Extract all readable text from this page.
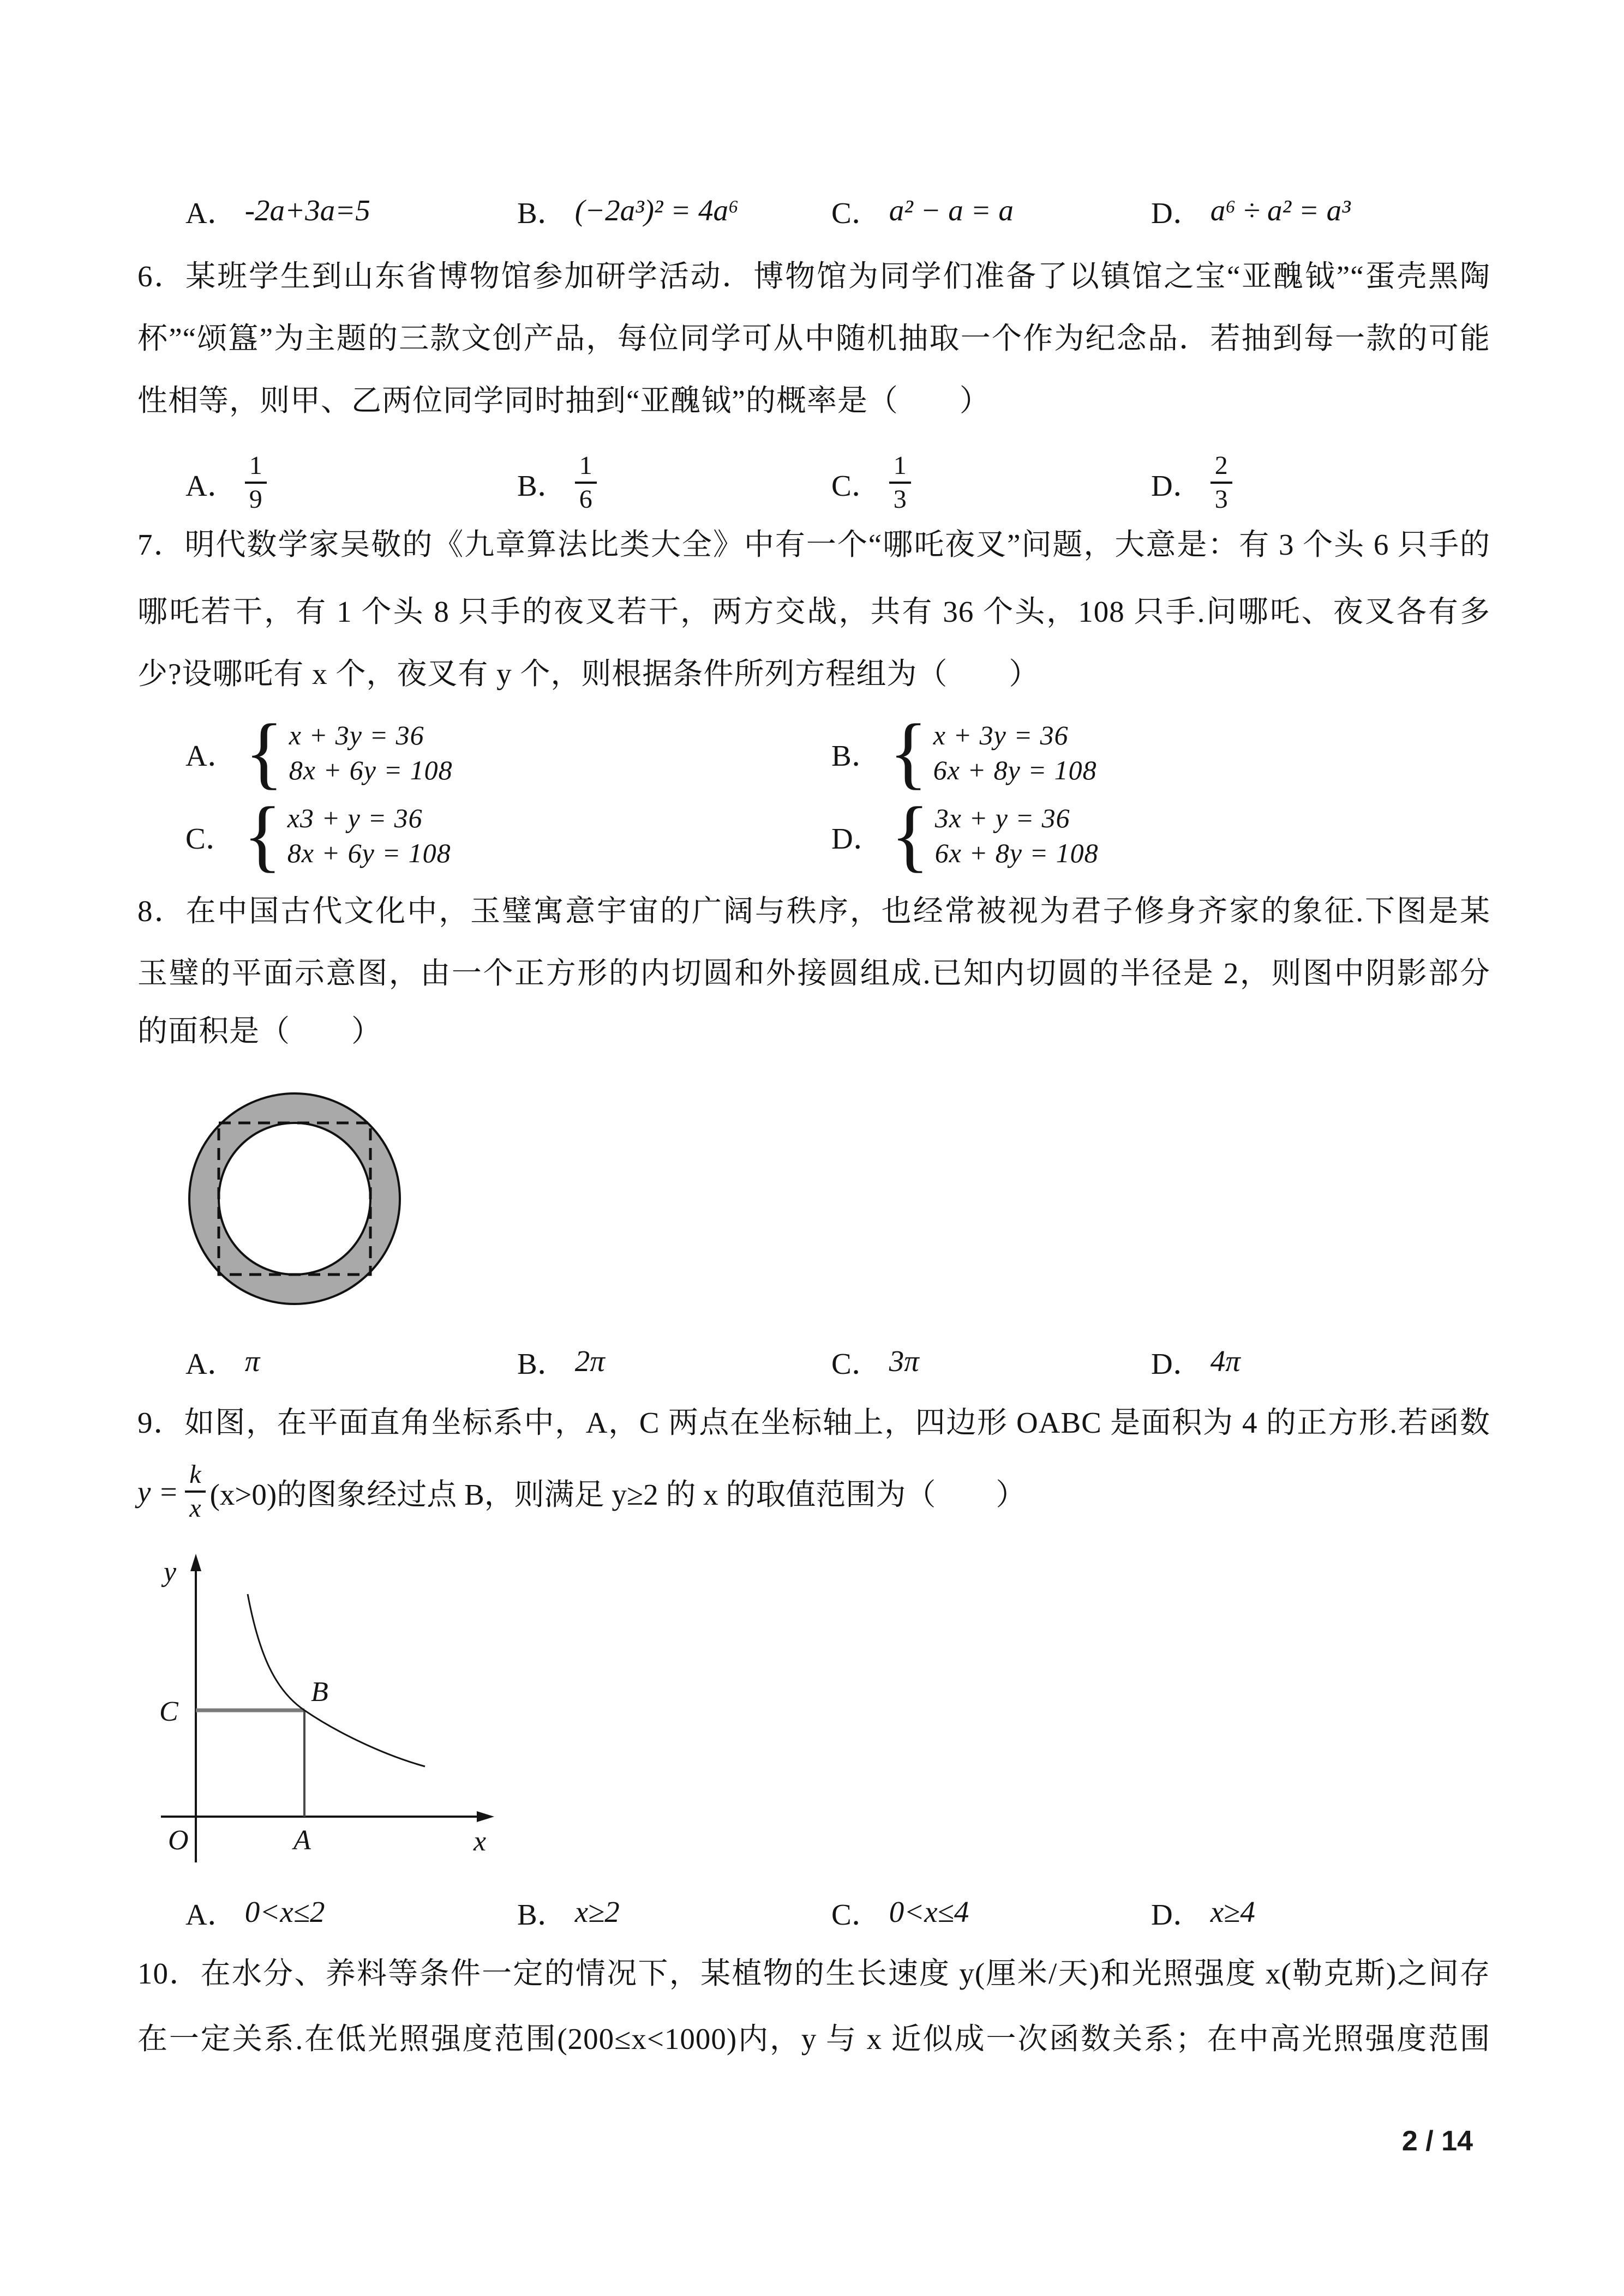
A． -2a+3a=5	B． (−2a³)² = 4a⁶	C． a² − a = a	D． a⁶ ÷ a² = a³
6．某班学生到山东省博物馆参加研学活动．博物馆为同学们准备了以镇馆之宝“亚醜钺”“蛋壳黑陶
杯”“颂簋”为主题的三款文创产品，每位同学可从中随机抽取一个作为纪念品．若抽到每一款的可能
性相等，则甲、乙两位同学同时抽到“亚醜钺”的概率是（　　）
A． $\frac{1}{9}$	B． $\frac{1}{6}$	C． $\frac{1}{3}$	D． $\frac{2}{3}$
7．明代数学家吴敬的《九章算法比类大全》中有一个“哪吒夜叉”问题，大意是：有 3 个头 6 只手的
哪吒若干，有 1 个头 8 只手的夜叉若干，两方交战，共有 36 个头，108 只手.问哪吒、夜叉各有多
少?设哪吒有 x 个，夜叉有 y 个，则根据条件所列方程组为（　　）
A． { x + 3y = 36
8x + 6y = 108	B． { x + 3y = 36
6x + 8y = 108
C． { x3 + y = 36
8x + 6y = 108	D． { 3x + y = 36
6x + 8y = 108
8．在中国古代文化中，玉璧寓意宇宙的广阔与秩序，也经常被视为君子修身齐家的象征.下图是某
玉璧的平面示意图，由一个正方形的内切圆和外接圆组成.已知内切圆的半径是 2，则图中阴影部分
的面积是（　　）
A． π	B． 2π	C． 3π	D． 4π
9．如图，在平面直角坐标系中，A，C 两点在坐标轴上，四边形 OABC 是面积为 4 的正方形.若函数
$y = \frac{k}{x} (x>0)$的图象经过点 B，则满足 y≥2 的 x 的取值范围为（　　）
y
x
O	A
B
C
A． 0<x≤2	B． x≥2	C． 0<x≤4	D． x≥4
10．在水分、养料等条件一定的情况下，某植物的生长速度 y(厘米/天)和光照强度 x(勒克斯)之间存
在一定关系.在低光照强度范围(200≤x<1000)内，y 与 x 近似成一次函数关系；在中高光照强度范围
2 / 14
